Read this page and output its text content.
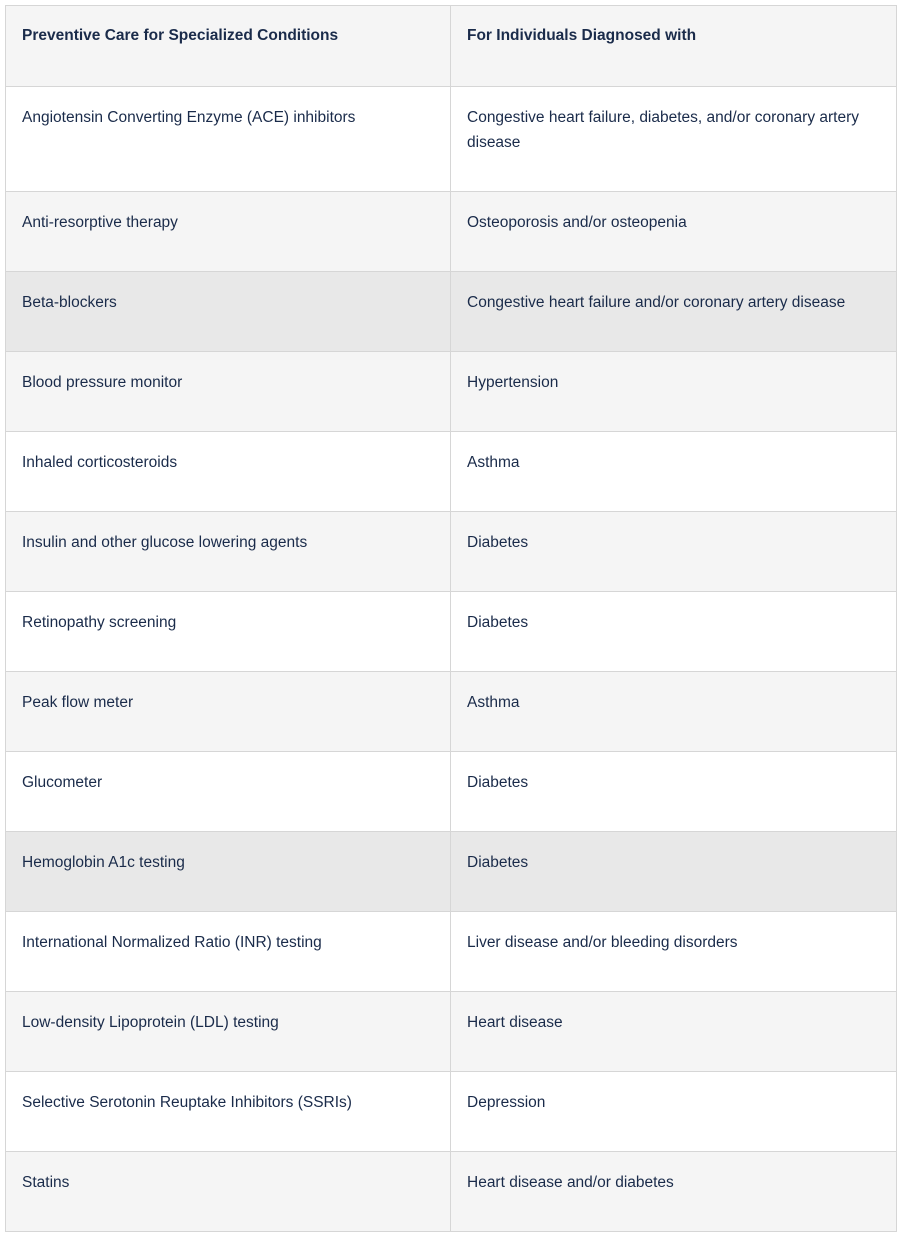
Preventive Care for Specialized Conditions	For Individuals Diagnosed with
Angiotensin Converting Enzyme (ACE) inhibitors	Congestive heart failure, diabetes, and/or coronary artery disease
Anti-resorptive therapy	Osteoporosis and/or osteopenia
Beta-blockers	Congestive heart failure and/or coronary artery disease
Blood pressure monitor	Hypertension
Inhaled corticosteroids	Asthma
Insulin and other glucose lowering agents	Diabetes
Retinopathy screening	Diabetes
Peak flow meter	Asthma
Glucometer	Diabetes
Hemoglobin A1c testing	Diabetes
International Normalized Ratio (INR) testing	Liver disease and/or bleeding disorders
Low-density Lipoprotein (LDL) testing	Heart disease
Selective Serotonin Reuptake Inhibitors (SSRIs)	Depression
Statins	Heart disease and/or diabetes
